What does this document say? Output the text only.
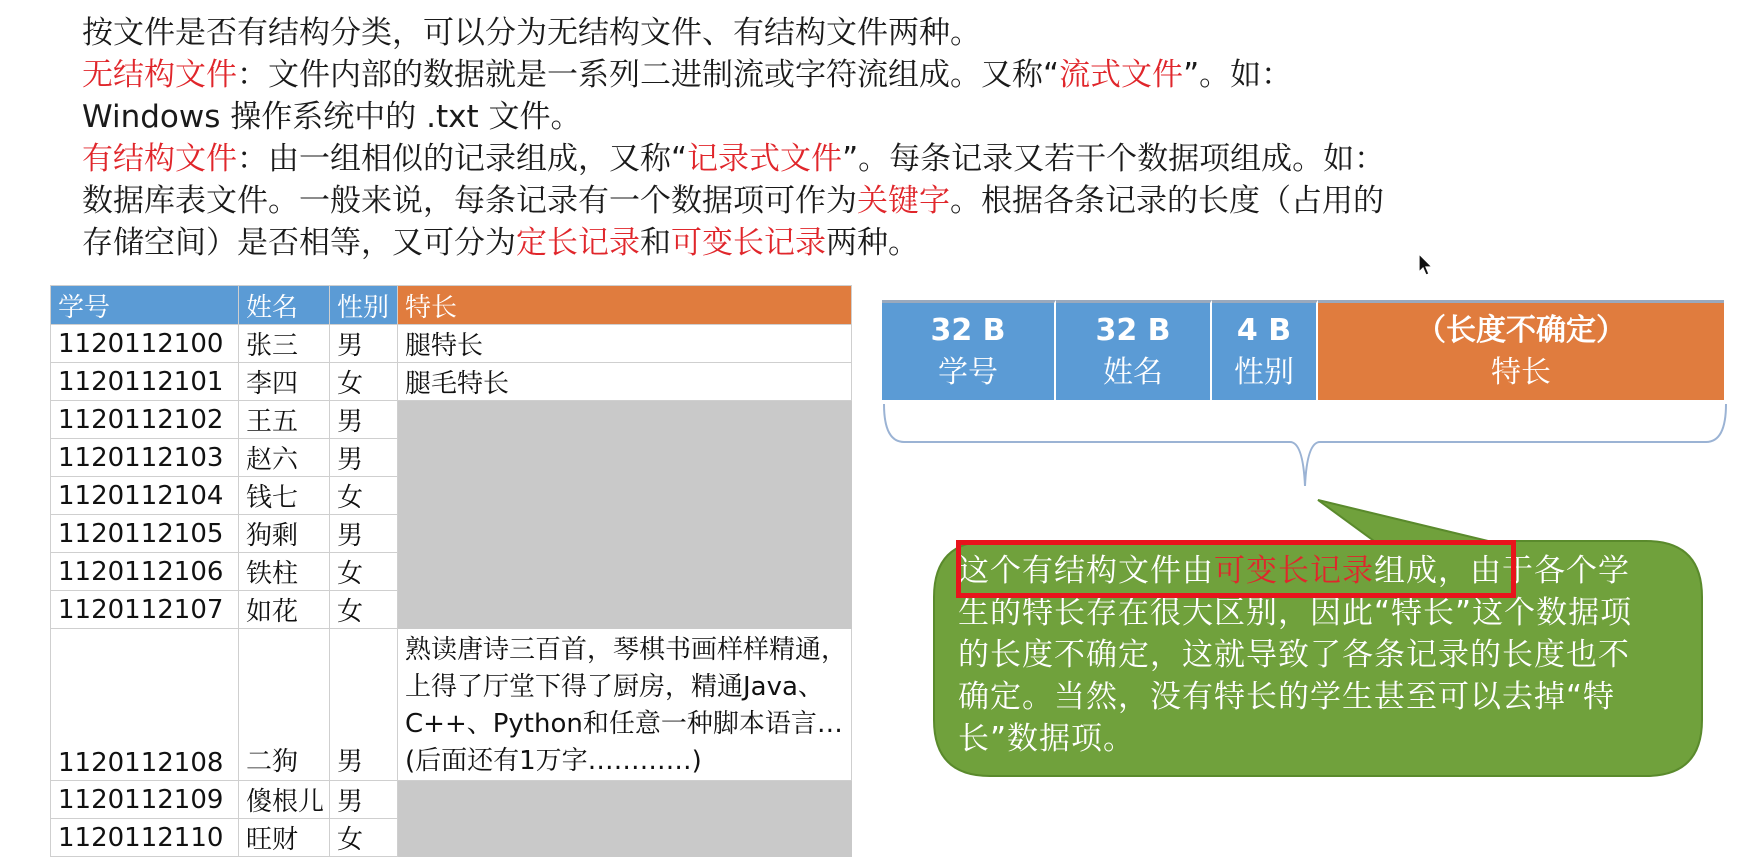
按文件是否有结构分类，可以分为无结构文件、有结构文件两种。

无结构文件：文件内部的数据就是一系列二进制流或字符流组成。又称“流式文件”。如：
Windows 操作系统中的 .txt 文件。

有结构文件：由一组相似的记录组成，又称“记录式文件”。每条记录又若干个数据项组成。如：
数据库表文件。一般来说，每条记录有一个数据项可作为关键字。根据各条记录的长度（占用的
存储空间）是否相等，又可分为定长记录和可变长记录两种。

学号	姓名	性别	特长
1120112100	张三	男	腿特长
1120112101	李四	女	腿毛特长
1120112102	王五	男	
1120112103	赵六	男	
1120112104	钱七	女	
1120112105	狗剩	男	
1120112106	铁柱	女	
1120112107	如花	女	
1120112108	二狗	男	熟读唐诗三百首，琴棋书画样样精通，上得了厅堂下得了厨房，精通Java、C++、Python和任意一种脚本语言…(后面还有1万字…………)
1120112109	傻根儿	男	
1120112110	旺财	女	
32 B
学号
32 B
姓名
4 B
性别
（长度不确定）
特长
这个有结构文件由可变长记录组成，由于各个学生的特长存在很大区别，因此“特长”这个数据项的长度不确定，这就导致了各条记录的长度也不确定。当然，没有特长的学生甚至可以去掉“特长”数据项。
